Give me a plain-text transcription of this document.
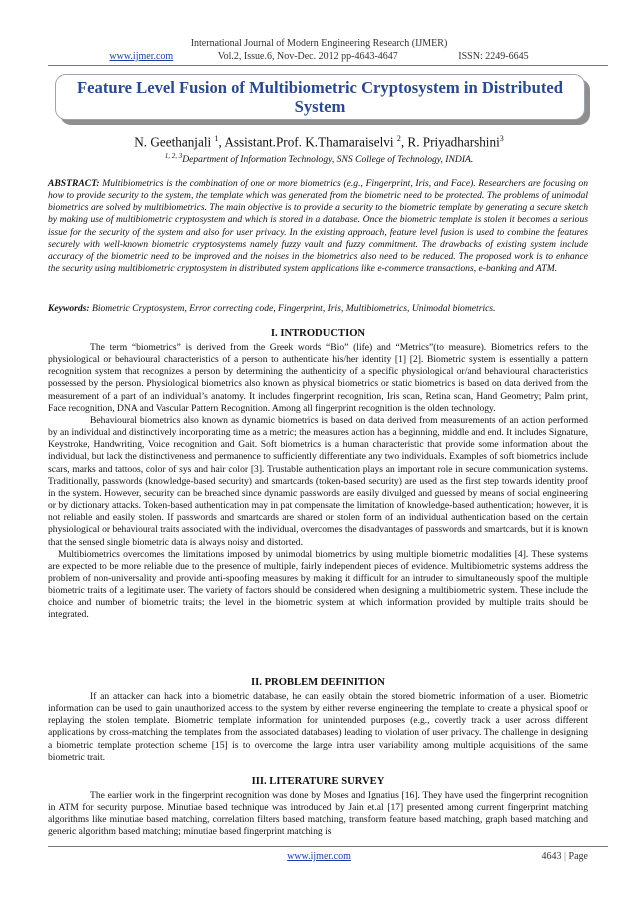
International Journal of Modern Engineering Research (IJMER)
www.ijmer.com	Vol.2, Issue.6, Nov-Dec. 2012 pp-4643-4647	ISSN: 2249-6645
Feature Level Fusion of Multibiometric Cryptosystem in Distributed
System
N. Geethanjali $^1$, Assistant.Prof. K.Thamaraiselvi $^2$, R. Priyadharshini$^3$
$^{1, 2, 3}$Department of Information Technology, SNS College of Technology, INDIA.
ABSTRACT: Multibiometrics is the combination of one or more biometrics (e.g., Fingerprint, Iris, and Face). Researchers are focusing on how to provide security to the system, the template which was generated from the biometric need to be protected. The problems of unimodal biometrics are solved by multibiometrics. The main objective is to provide a security to the biometric template by generating a secure sketch by making use of multibiometric cryptosystem and which is stored in a database. Once the biometric template is stolen it becomes a serious issue for the security of the system and also for user privacy. In the existing approach, feature level fusion is used to combine the features securely with well-known biometric cryptosystems namely fuzzy vault and fuzzy commitment. The drawbacks of existing system include accuracy of the biometric need to be improved and the noises in the biometrics also need to be reduced. The proposed work is to enhance the security using multibiometric cryptosystem in distributed system applications like e-commerce transactions, e-banking and ATM.
Keywords: Biometric Cryptosystem, Error correcting code, Fingerprint, Iris, Multibiometrics, Unimodal biometrics.
I. INTRODUCTION

The term “biometrics” is derived from the Greek words “Bio” (life) and “Metrics”(to measure). Biometrics refers to the physiological or behavioural characteristics of a person to authenticate his/her identity [1] [2]. Biometric system is essentially a pattern recognition system that recognizes a person by determining the authenticity of a specific physiological or/and behavioural characteristics possessed by the person. Physiological biometrics also known as physical biometrics or static biometrics is based on data derived from the measurement of a part of an individual’s anatomy. It includes fingerprint recognition, Iris scan, Retina scan, Hand Geometry; Palm print, Face recognition, DNA and Vascular Pattern Recognition. Among all fingerprint recognition is the olden technology.

Behavioural biometrics also known as dynamic biometrics is based on data derived from measurements of an action performed by an individual and distinctively incorporating time as a metric; the measures action has a beginning, middle and end. It includes Signature, Keystroke, Handwriting, Voice recognition and Gait. Soft biometrics is a human characteristic that provide some information about the individual, but lack the distinctiveness and permanence to sufficiently differentiate any two individuals. Examples of soft biometrics include scars, marks and tattoos, color of sys and hair color [3]. Trustable authentication plays an important role in secure communication systems. Traditionally, passwords (knowledge-based security) and smartcards (token-based security) are used as the first step towards identity proof in the system. However, security can be breached since dynamic passwords are easily divulged and guessed by means of social engineering or by dictionary attacks. Token-based authentication may in pat compensate the limitation of knowledge-based authentication; however, it is not reliable and easily stolen. If passwords and smartcards are shared or stolen form of an individual authentication based on the certain physiological or behavioural traits associated with the individual, overcomes the disadvantages of passwords and smartcards, but it is known that the sensed single biometric data is always noisy and distorted.

Multibiometrics overcomes the limitations imposed by unimodal biometrics by using multiple biometric modalities [4]. These systems are expected to be more reliable due to the presence of multiple, fairly independent pieces of evidence. Multibiometric systems address the problem of non-universality and provide anti-spoofing measures by making it difficult for an intruder to simultaneously spoof the multiple biometric traits of a legitimate user. The variety of factors should be considered when designing a multibiometric system. These include the choice and number of biometric traits; the level in the biometric system at which information provided by multiple traits should be integrated.

II. PROBLEM DEFINITION

If an attacker can hack into a biometric database, he can easily obtain the stored biometric information of a user. Biometric information can be used to gain unauthorized access to the system by either reverse engineering the template to create a physical spoof or replaying the stolen template. Biometric template information for unintended purposes (e.g., covertly track a user across different applications by cross-matching the templates from the associated databases) leading to violation of user privacy. The challenge in designing a biometric template protection scheme [15] is to overcome the large intra user variability among multiple acquisitions of the same biometric trait.

III. LITERATURE SURVEY

The earlier work in the fingerprint recognition was done by Moses and Ignatius [16]. They have used the fingerprint recognition in ATM for security purpose. Minutiae based technique was introduced by Jain et.al [17] presented among current fingerprint matching algorithms like minutiae based matching, correlation filters based matching, transform feature based matching, graph based matching and generic algorithm based matching; minutiae based fingerprint matching is

www.ijmer.com	4643 | Page
